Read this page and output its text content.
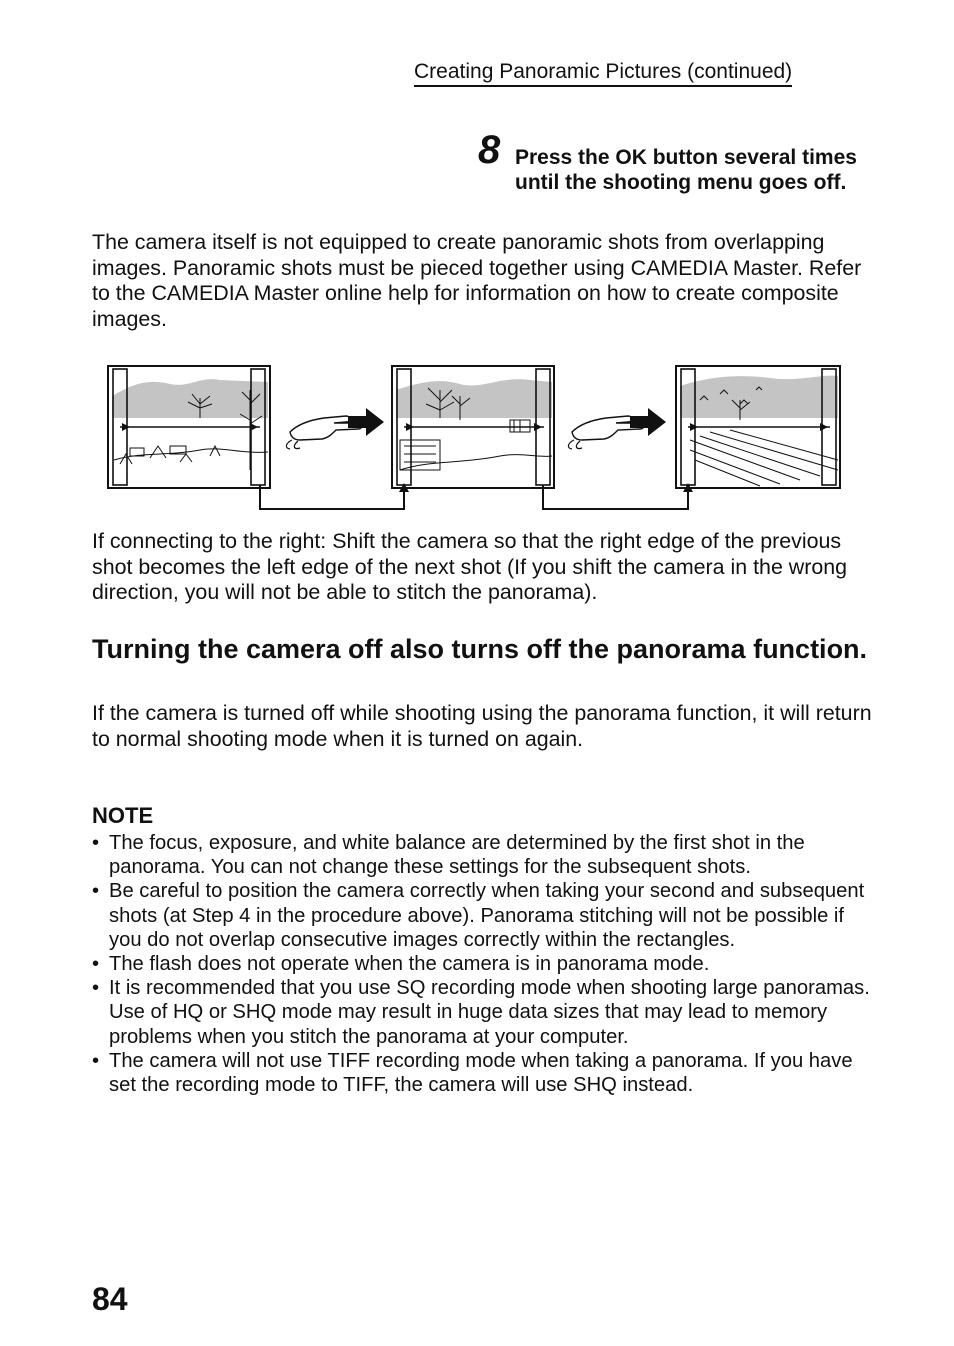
Creating Panoramic Pictures (continued)
8 Press the OK button several times until the shooting menu goes off.
The camera itself is not equipped to create panoramic shots from overlapping images. Panoramic shots must be pieced together using CAMEDIA Master. Refer to the CAMEDIA Master online help for information on how to create composite images.
If connecting to the right: Shift the camera so that the right edge of the previous shot becomes the left edge of the next shot (If you shift the camera in the wrong direction, you will not be able to stitch the panorama).
Turning the camera off also turns off the panorama function.
If the camera is turned off while shooting using the panorama function, it will return to normal shooting mode when it is turned on again.
NOTE
• The focus, exposure, and white balance are determined by the first shot in the panorama. You can not change these settings for the subsequent shots.
• Be careful to position the camera correctly when taking your second and subsequent shots (at Step 4 in the procedure above). Panorama stitching will not be possible if you do not overlap consecutive images correctly within the rectangles.
• The flash does not operate when the camera is in panorama mode.
• It is recommended that you use SQ recording mode when shooting large panoramas. Use of HQ or SHQ mode may result in huge data sizes that may lead to memory problems when you stitch the panorama at your computer.
• The camera will not use TIFF recording mode when taking a panorama. If you have set the recording mode to TIFF, the camera will use SHQ instead.
84
